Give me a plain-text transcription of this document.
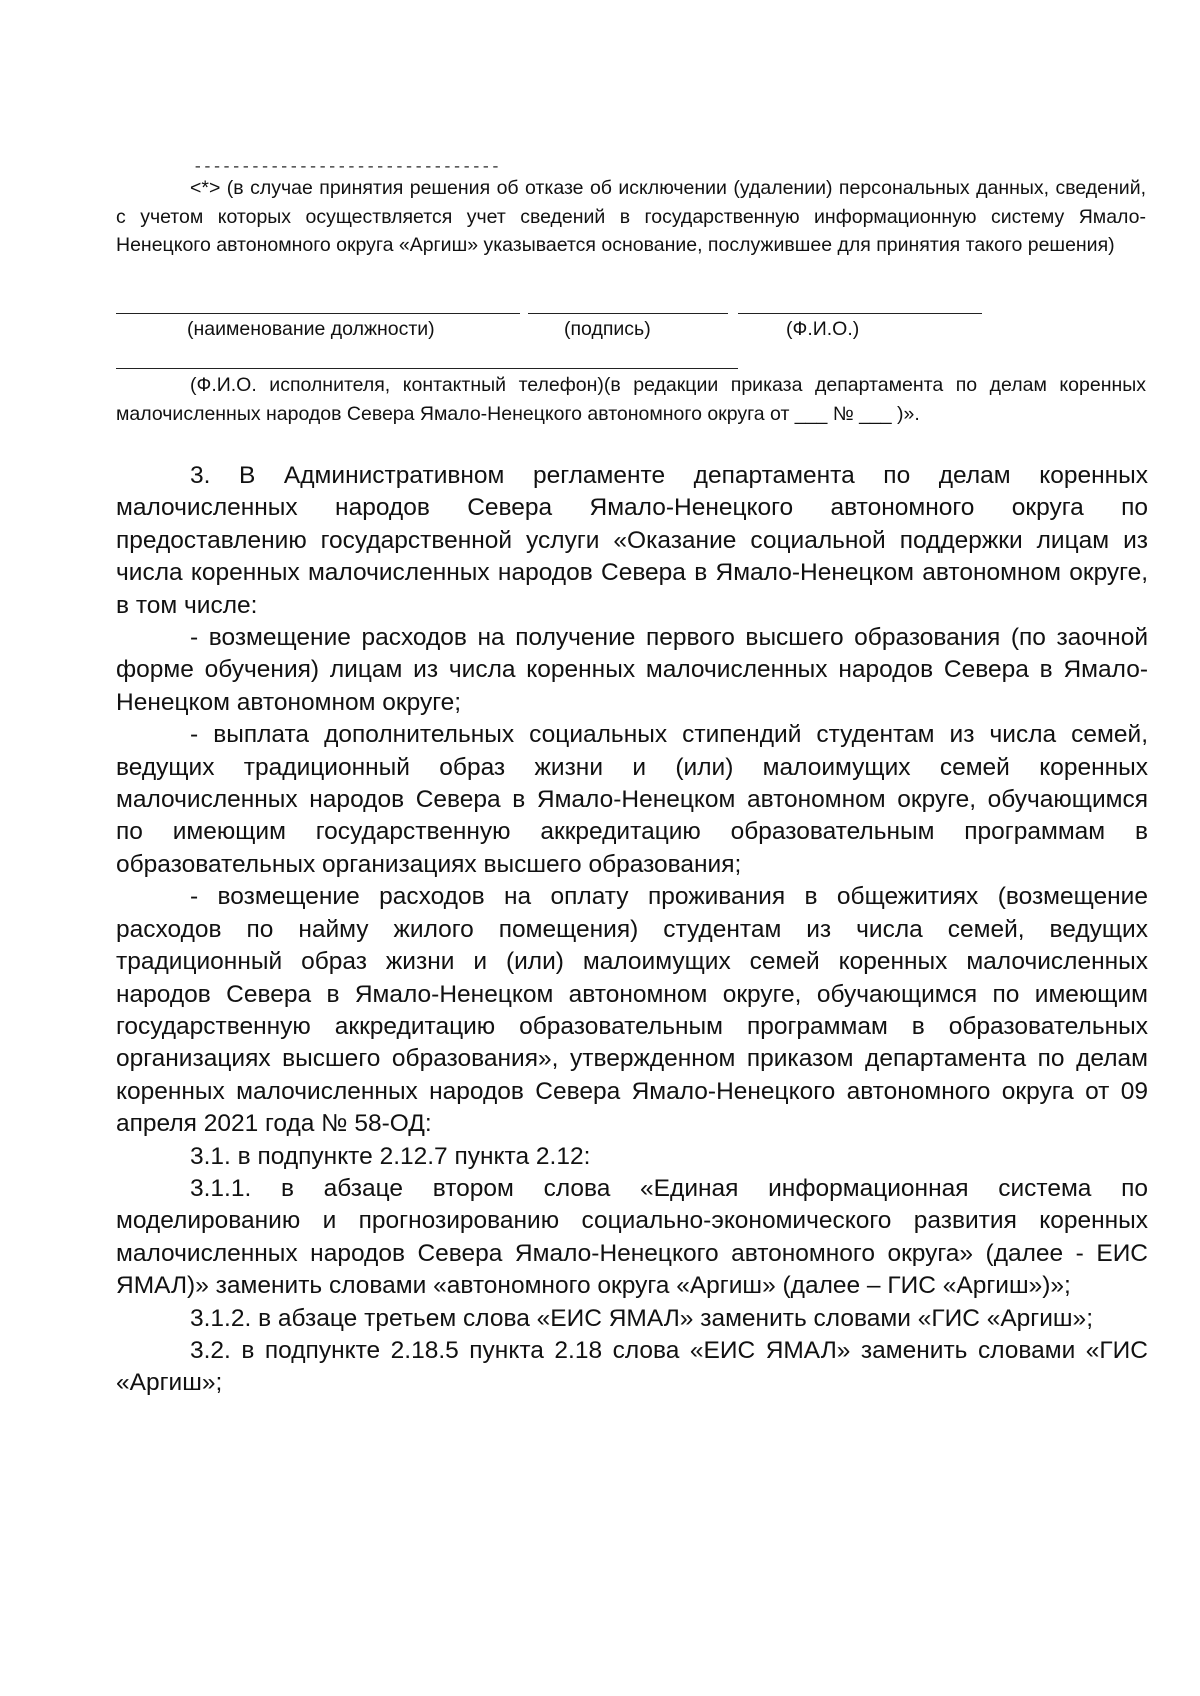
--------------------------------

<*> (в случае принятия решения об отказе об исключении (удалении) персональных данных, сведений, с учетом которых осуществляется учет сведений в государственную информационную систему Ямало-Ненецкого автономного округа «Аргиш» указывается основание, послужившее для принятия такого решения)

(наименование должности)	(подпись)	(Ф.И.О.)

(Ф.И.О. исполнителя, контактный телефон)(в редакции приказа департамента по делам коренных малочисленных народов Севера Ямало-Ненецкого автономного округа от ___ № ___ )».

3. В Административном регламенте департамента по делам коренных малочисленных народов Севера Ямало-Ненецкого автономного округа по предоставлению государственной услуги «Оказание социальной поддержки лицам из числа коренных малочисленных народов Севера в Ямало-Ненецком автономном округе, в том числе:

- возмещение расходов на получение первого высшего образования (по заочной форме обучения) лицам из числа коренных малочисленных народов Севера в Ямало-Ненецком автономном округе;

- выплата дополнительных социальных стипендий студентам из числа семей, ведущих традиционный образ жизни и (или) малоимущих семей коренных малочисленных народов Севера в Ямало-Ненецком автономном округе, обучающимся по имеющим государственную аккредитацию образовательным программам в образовательных организациях высшего образования;

- возмещение расходов на оплату проживания в общежитиях (возмещение расходов по найму жилого помещения) студентам из числа семей, ведущих традиционный образ жизни и (или) малоимущих семей коренных малочисленных народов Севера в Ямало-Ненецком автономном округе, обучающимся по имеющим государственную аккредитацию образовательным программам в образовательных организациях высшего образования», утвержденном приказом департамента по делам коренных малочисленных народов Севера Ямало-Ненецкого автономного округа от 09 апреля 2021 года № 58-ОД:

3.1. в подпункте 2.12.7 пункта 2.12:

3.1.1. в абзаце втором слова «Единая информационная система по моделированию и прогнозированию социально-экономического развития коренных малочисленных народов Севера Ямало-Ненецкого автономного округа» (далее - ЕИС ЯМАЛ)» заменить словами «автономного округа «Аргиш» (далее – ГИС «Аргиш»)»;

3.1.2. в абзаце третьем слова «ЕИС ЯМАЛ» заменить словами «ГИС «Аргиш»;

3.2. в подпункте 2.18.5 пункта 2.18 слова «ЕИС ЯМАЛ» заменить словами «ГИС «Аргиш»;
